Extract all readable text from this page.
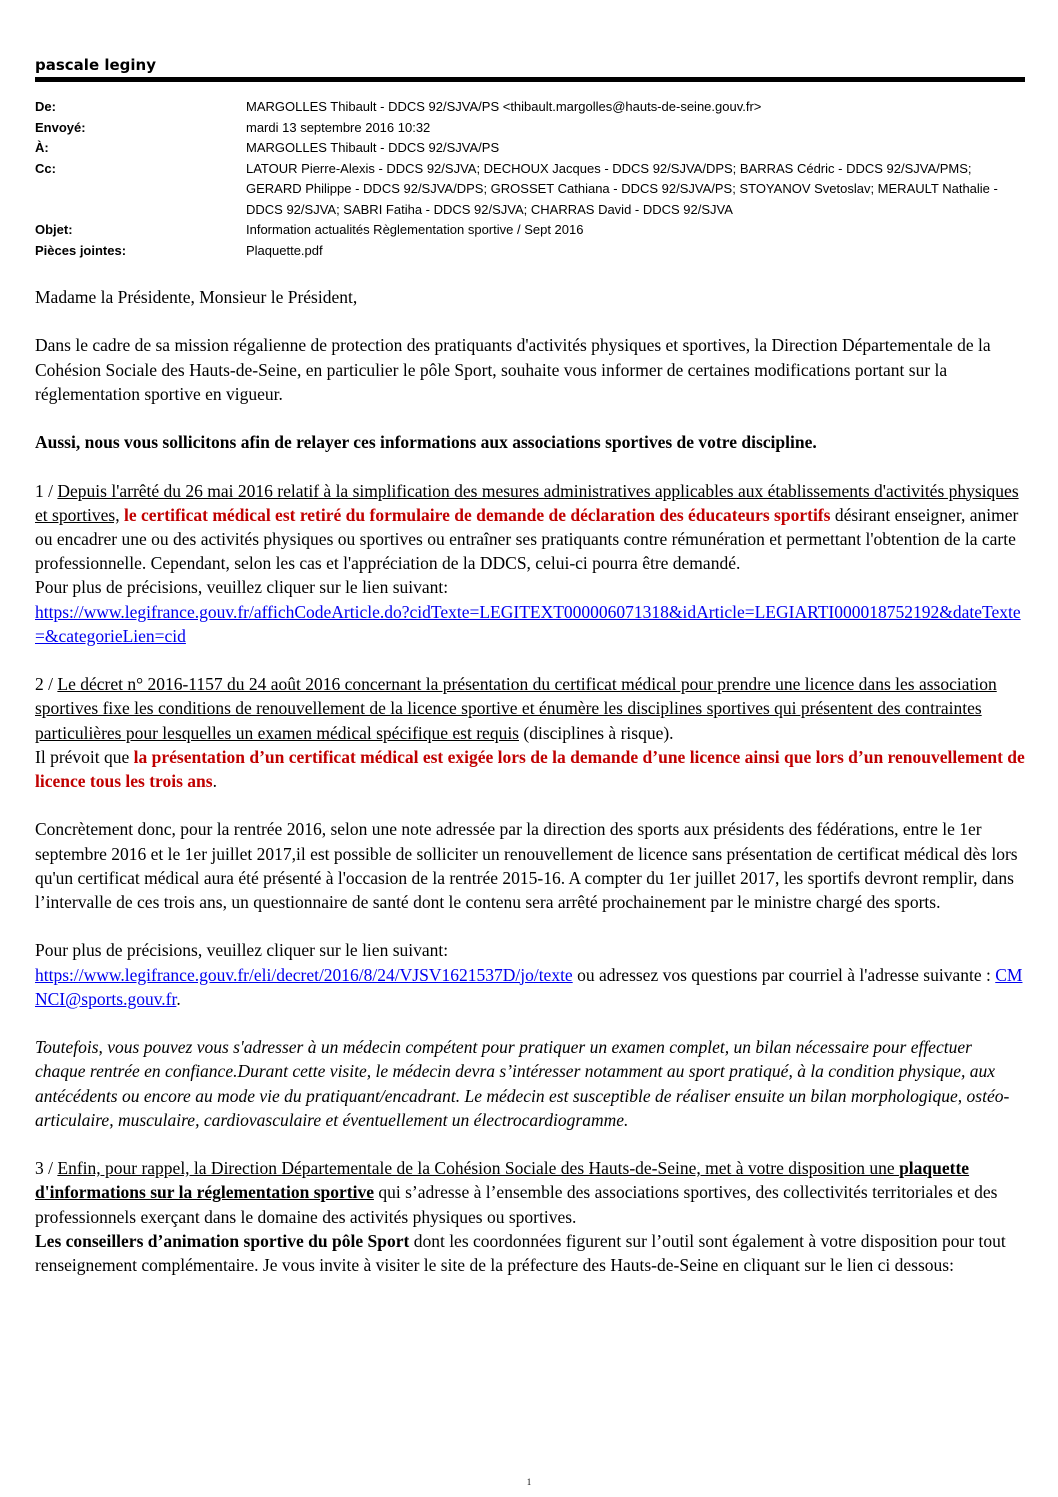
pascale leginy
De:	MARGOLLES Thibault - DDCS 92/SJVA/PS <thibault.margolles@hauts-de-seine.gouv.fr>
Envoyé:	mardi 13 septembre 2016 10:32
À:	MARGOLLES Thibault - DDCS 92/SJVA/PS
Cc:	LATOUR Pierre-Alexis - DDCS 92/SJVA; DECHOUX Jacques - DDCS 92/SJVA/DPS; BARRAS Cédric - DDCS 92/SJVA/PMS; GERARD Philippe - DDCS 92/SJVA/DPS; GROSSET Cathiana - DDCS 92/SJVA/PS; STOYANOV Svetoslav; MERAULT Nathalie - DDCS 92/SJVA; SABRI Fatiha - DDCS 92/SJVA; CHARRAS David - DDCS 92/SJVA
Objet:	Information actualités Règlementation sportive / Sept 2016
Pièces jointes:	Plaquette.pdf

Madame la Présidente, Monsieur le Président,

Dans le cadre de sa mission régalienne de protection des pratiquants d'activités physiques et sportives, la Direction Départementale de la Cohésion Sociale des Hauts-de-Seine, en particulier le pôle Sport, souhaite vous informer de certaines modifications portant sur la réglementation sportive en vigueur.

Aussi, nous vous sollicitons afin de relayer ces informations aux associations sportives de votre discipline.

1 / Depuis l'arrêté du 26 mai 2016 relatif à la simplification des mesures administratives applicables aux établissements d'activités physiques et sportives, le certificat médical est retiré du formulaire de demande de déclaration des éducateurs sportifs désirant enseigner, animer ou encadrer une ou des activités physiques ou sportives ou entraîner ses pratiquants contre rémunération et permettant l'obtention de la carte professionnelle. Cependant, selon les cas et l'appréciation de la DDCS, celui-ci pourra être demandé.
Pour plus de précisions, veuillez cliquer sur le lien suivant:
https://www.legifrance.gouv.fr/affichCodeArticle.do?cidTexte=LEGITEXT000006071318&idArticle=LEGIARTI000018752192&dateTexte=&categorieLien=cid

2 / Le décret n° 2016-1157 du 24 août 2016 concernant la présentation du certificat médical pour prendre une licence dans les association sportives fixe les conditions de renouvellement de la licence sportive et énumère les disciplines sportives qui présentent des contraintes particulières pour lesquelles un examen médical spécifique est requis (disciplines à risque).

Il prévoit que la présentation d’un certificat médical est exigée lors de la demande d’une licence ainsi que lors d’un renouvellement de licence tous les trois ans.

Concrètement donc, pour la rentrée 2016, selon une note adressée par la direction des sports aux présidents des fédérations, entre le 1er septembre 2016 et le 1er juillet 2017,il est possible de solliciter un renouvellement de licence sans présentation de certificat médical dès lors qu'un certificat médical aura été présenté à l'occasion de la rentrée 2015-16. A compter du 1er juillet 2017, les sportifs devront remplir, dans l’intervalle de ces trois ans, un questionnaire de santé dont le contenu sera arrêté prochainement par le ministre chargé des sports.

Pour plus de précisions, veuillez cliquer sur le lien suivant:
https://www.legifrance.gouv.fr/eli/decret/2016/8/24/VJSV1621537D/jo/texte ou adressez vos questions par courriel à l'adresse suivante : CMNCI@sports.gouv.fr.

Toutefois, vous pouvez vous s'adresser à un médecin compétent pour pratiquer un examen complet, un bilan nécessaire pour effectuer chaque rentrée en confiance.Durant cette visite, le médecin devra s’intéresser notamment au sport pratiqué, à la condition physique, aux antécédents ou encore au mode vie du pratiquant/encadrant. Le médecin est susceptible de réaliser ensuite un bilan morphologique, ostéo-articulaire, musculaire, cardiovasculaire et éventuellement un électrocardiogramme.

3 / Enfin, pour rappel, la Direction Départementale de la Cohésion Sociale des Hauts-de-Seine, met à votre disposition une plaquette d'informations sur la réglementation sportive qui s’adresse à l’ensemble des associations sportives, des collectivités territoriales et des professionnels exerçant dans le domaine des activités physiques ou sportives.
Les conseillers d’animation sportive du pôle Sport dont les coordonnées figurent sur l’outil sont également à votre disposition pour tout renseignement complémentaire. Je vous invite à visiter le site de la préfecture des Hauts-de-Seine en cliquant sur le lien ci dessous:

1
